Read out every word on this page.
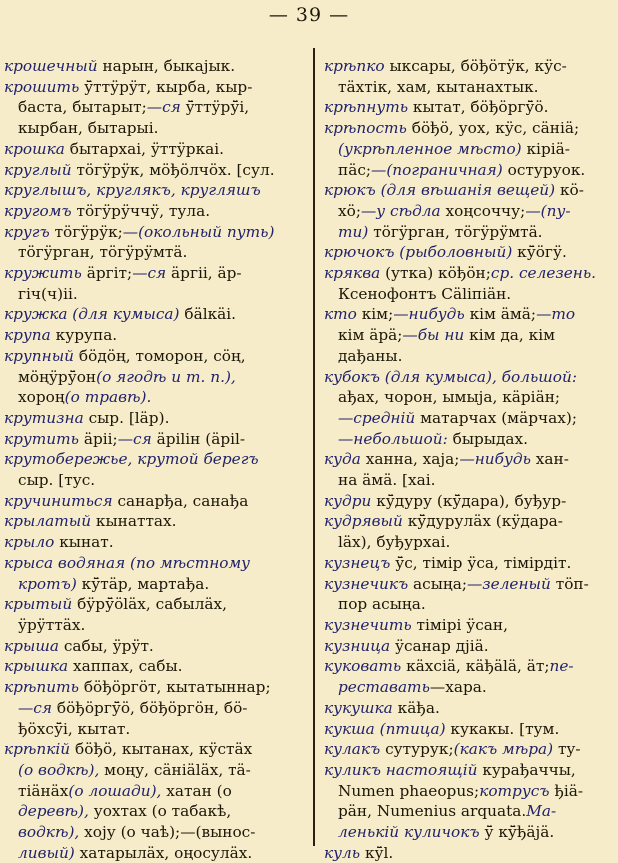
— 39 —
крошечный нарын, быкајык.
крошить ӱ̄ттӱрӱт, кырба, кыр-
баста, бытарыт;—ся ӱ̄ттӱрӱ̄i,
кырбан, бытарыi.
крошка бытархаi, ӱттӱркаi.
круглый тӧгӱрӱк, мӧђӧлчӧх. [сул.
круглышъ, круглякъ, кругляшъ
кругомъ тӧгӱрӱччӱ, тула.
кругъ тӧгӱрӱк;—(окольный путь)
тӧгӱрган, тӧгӱрӱмтӓ.
кружить ӓргiт;—ся ӓргii, ӓр-
гiч(ч)ii.
кружка (для кумыса) бӓlкӓi.
крупа курупа.
крупный бӧдӧң, томорон, сӧң,
мӧңӱрӱ̄он(о ягодѣ и т. п.),
хороң(о травѣ).
крутизна сыр. [lӓр).
крутить ӓрii;—ся ӓрiliн (ӓрil-
крутобережье, крутой берегъ
сыр. [тус.
кручиниться санарђа, санађа
крылатый кынаттах.
крыло кынат.
крыса водяная (по мѣстному
кротъ) кӱ̄тӓр, мартађа.
крытый бӱрӱ̄ӧlӓх, сабылӓх,
ӱрӱттӓх.
крыша сабы, ӱрӱт.
крышка хаппах, сабы.
крѣпить бӧђӧргӧт, кытатыннар;
—ся бӧђӧргӱ̄ӧ, бӧђӧргӧн, бӧ-
ђӧхсӱ̄i, кытат.
крѣпкій бӧђӧ, кытанах, кӱстӓх
(о водкѣ), моңу, сӓнiӓlӓх, тӓ-
тiӓнӓх(о лошади), хатан (о
деревѣ), уохтах (о табакѣ,
водкѣ), хоју (о чаѣ);—(вынос-
ливый) хатарылӓх, оңосулӓх.
крѣпко ыксары, бӧђӧтӱк, кӱс-
тӓхтiк, хам, кытанахтык.
крѣпнуть кытат, бӧђӧргӱ̄ӧ.
крѣпость бӧђӧ, уох, кӱс, сӓнiӓ;
(укрѣпленное мѣсто) кiрiӓ-
пӓс;—(пограничная) остуруок.
крюкъ (для вѣшанія вещей) кӧ-
хӧ;—у сѣдла хоңсоччу;—(пу-
ти) тӧгӱрган, тӧгӱрӱмтӓ.
крючокъ (рыболовный) кӱ̄ӧгӱ.
кряква (утка) кӧђӧн;ср. селезень.
Ксенофонтъ Сӓliпiӓн.
кто кiм;—нибудь кiм ӓмӓ;—то
кiм ӓрӓ;—бы ни кiм да, кiм
дађаны.
кубокъ (для кумыса), большой:
ађах, чорон, ымыја, кӓрiӓн;
—средній матарчах (мӓрчах);
—небольшой: бырыдах.
куда ханна, хаја;—нибудь хан-
на ӓмӓ. [хаi.
кудри кӱ̄дуру (кӱ̄дара), буђур-
кудрявый кӱ̄дурулӓх (кӱдара-
lӓх), буђурхаi.
кузнецъ ӱ̄с, тiмiр ӱса, тiмiрдiт.
кузнечикъ асыңа;—зеленый тӧп-
пор асыңа.
кузнечить тiмiрi ӱсан,
кузница ӱсанар дјiӓ.
куковать кӓхсiӓ, кӓђӓlӓ, ӓт;пе-
реставать—хара.
кукушка кӓђа.
кукша (птица) кукакы. [тум.
кулакъ сутурук;(какъ мѣра) ту-
куликъ настоящій курађаччы,
Numen phaeopus;котрусъ ђiӓ-
рӓн, Numenius arquata.Ма-
ленькій куличокъ ӱ̄ кӱ̄ђӓјӓ.
куль кӱ̄l.
